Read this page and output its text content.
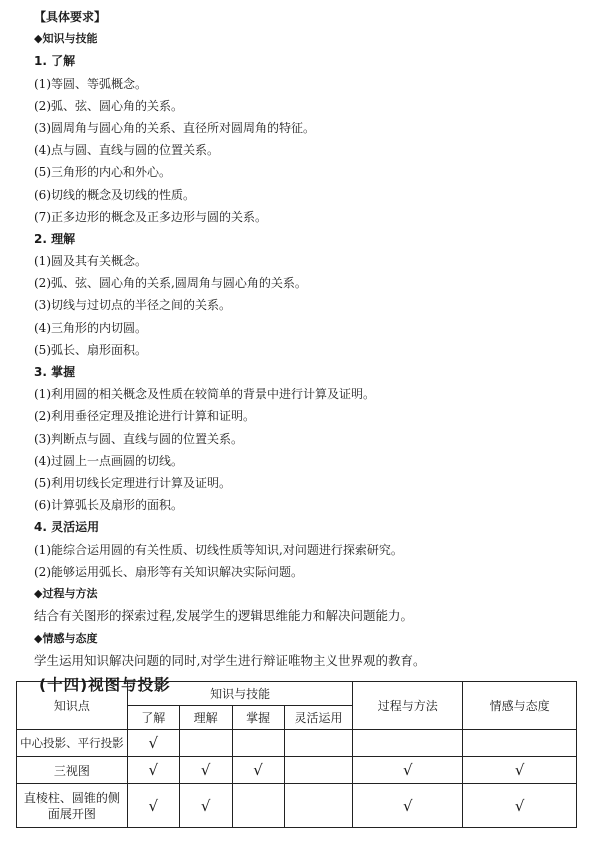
【具体要求】
◆知识与技能
1. 了解
(1)等圆、等弧概念。
(2)弧、弦、圆心角的关系。
(3)圆周角与圆心角的关系、直径所对圆周角的特征。
(4)点与圆、直线与圆的位置关系。
(5)三角形的内心和外心。
(6)切线的概念及切线的性质。
(7)正多边形的概念及正多边形与圆的关系。
2. 理解
(1)圆及其有关概念。
(2)弧、弦、圆心角的关系,圆周角与圆心角的关系。
(3)切线与过切点的半径之间的关系。
(4)三角形的内切圆。
(5)弧长、扇形面积。
3. 掌握
(1)利用圆的相关概念及性质在较简单的背景中进行计算及证明。
(2)利用垂径定理及推论进行计算和证明。
(3)判断点与圆、直线与圆的位置关系。
(4)过圆上一点画圆的切线。
(5)利用切线长定理进行计算及证明。
(6)计算弧长及扇形的面积。
4. 灵活运用
(1)能综合运用圆的有关性质、切线性质等知识,对问题进行探索研究。
(2)能够运用弧长、扇形等有关知识解决实际问题。
◆过程与方法
结合有关图形的探索过程,发展学生的逻辑思维能力和解决问题能力。
◆情感与态度
学生运用知识解决问题的同时,对学生进行辩证唯物主义世界观的教育。
(十四)视图与投影
知识点	知识与技能				过程与方法	情感与态度
	了解	理解	掌握	灵活运用		
中心投影、平行投影	√					
三视图	√	√	√		√	√
直棱柱、圆锥的侧面展开图	√	√			√	√
